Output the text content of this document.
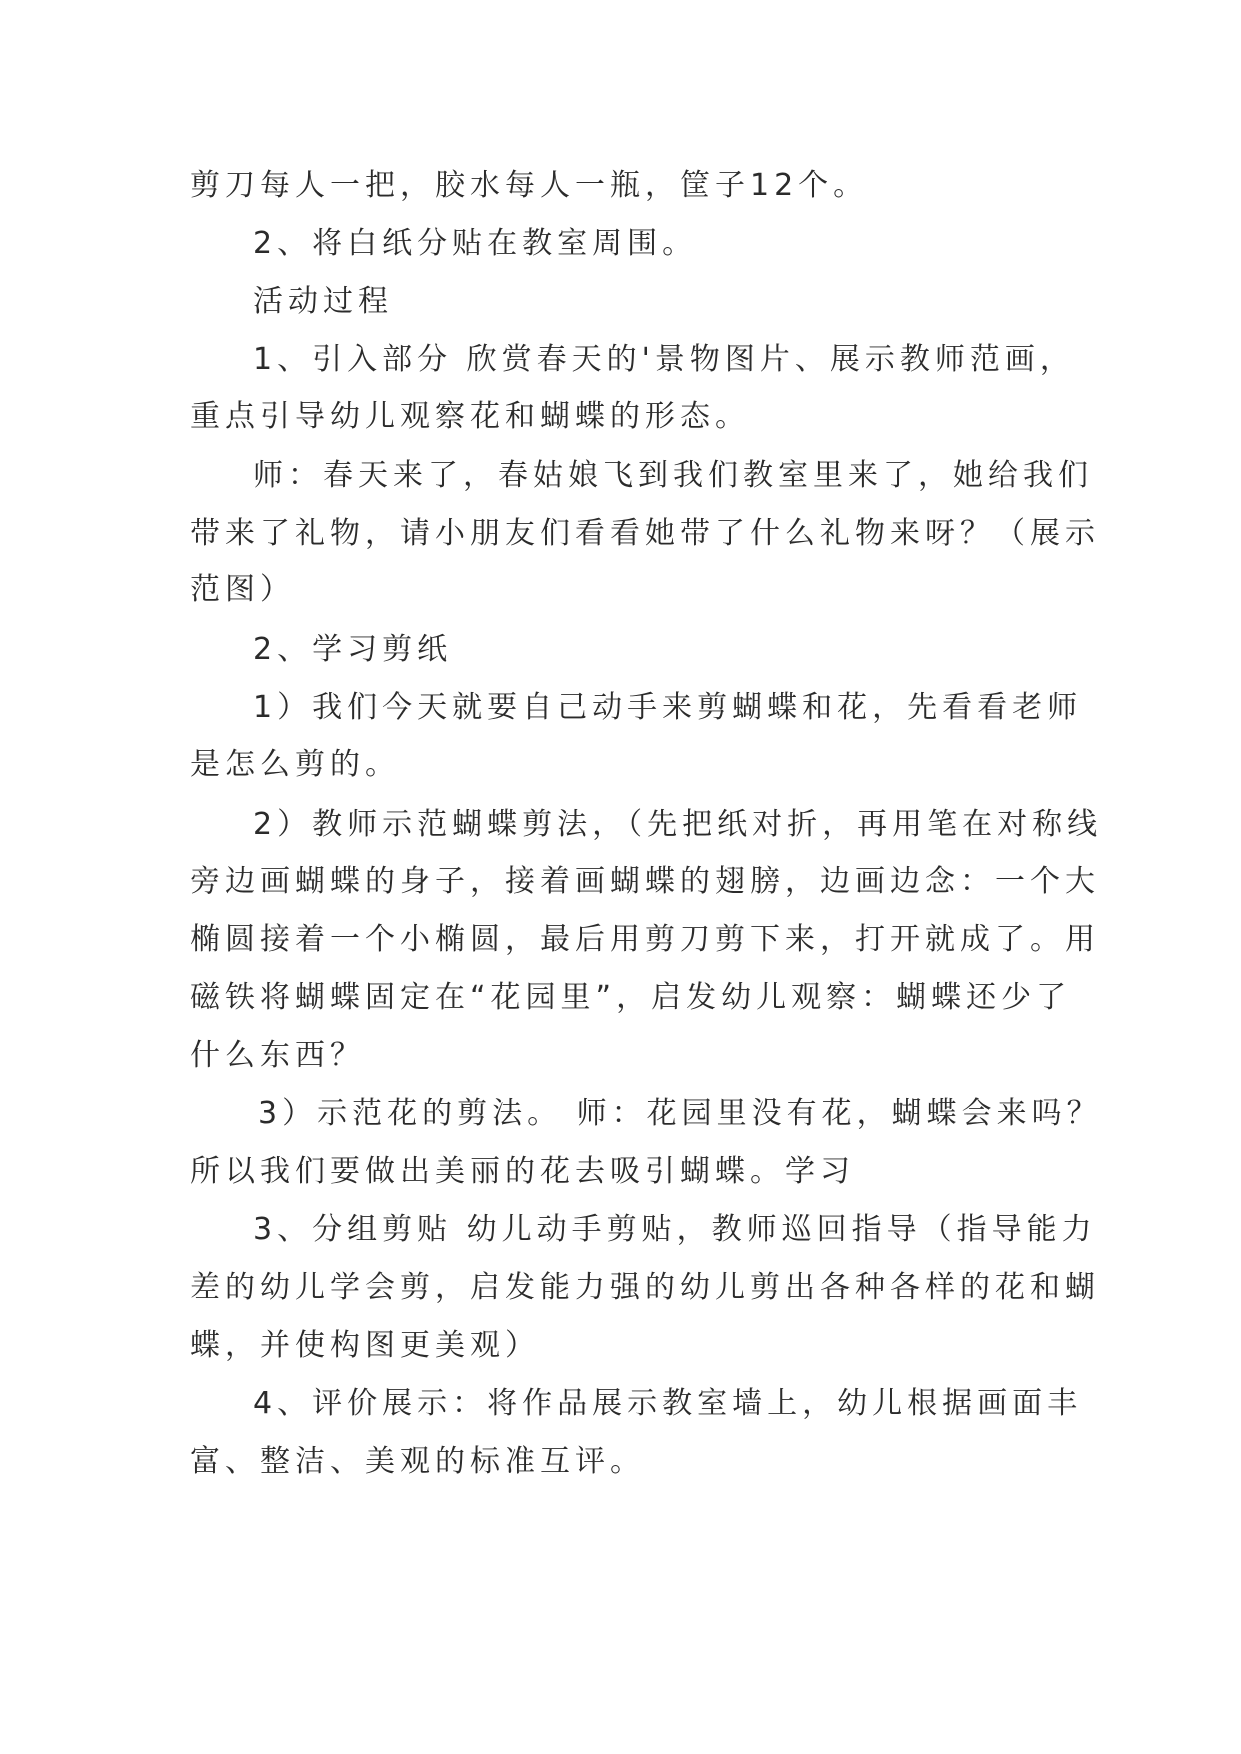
剪刀每人一把，胶水每人一瓶，筐子12个。
2、将白纸分贴在教室周围。
活动过程
1、引入部分 欣赏春天的'景物图片、展示教师范画，
重点引导幼儿观察花和蝴蝶的形态。
师：春天来了，春姑娘飞到我们教室里来了，她给我们
带来了礼物，请小朋友们看看她带了什么礼物来呀？（展示
范图）
2、学习剪纸
1）我们今天就要自己动手来剪蝴蝶和花，先看看老师
是怎么剪的。
2）教师示范蝴蝶剪法，（先把纸对折，再用笔在对称线
旁边画蝴蝶的身子，接着画蝴蝶的翅膀，边画边念：一个大
椭圆接着一个小椭圆，最后用剪刀剪下来，打开就成了。用
磁铁将蝴蝶固定在“花园里”，启发幼儿观察：蝴蝶还少了
什么东西？
3）示范花的剪法。 师：花园里没有花，蝴蝶会来吗？
所以我们要做出美丽的花去吸引蝴蝶。学习
3、分组剪贴 幼儿动手剪贴，教师巡回指导（指导能力
差的幼儿学会剪，启发能力强的幼儿剪出各种各样的花和蝴
蝶，并使构图更美观）
4、评价展示：将作品展示教室墙上，幼儿根据画面丰
富、整洁、美观的标准互评。
